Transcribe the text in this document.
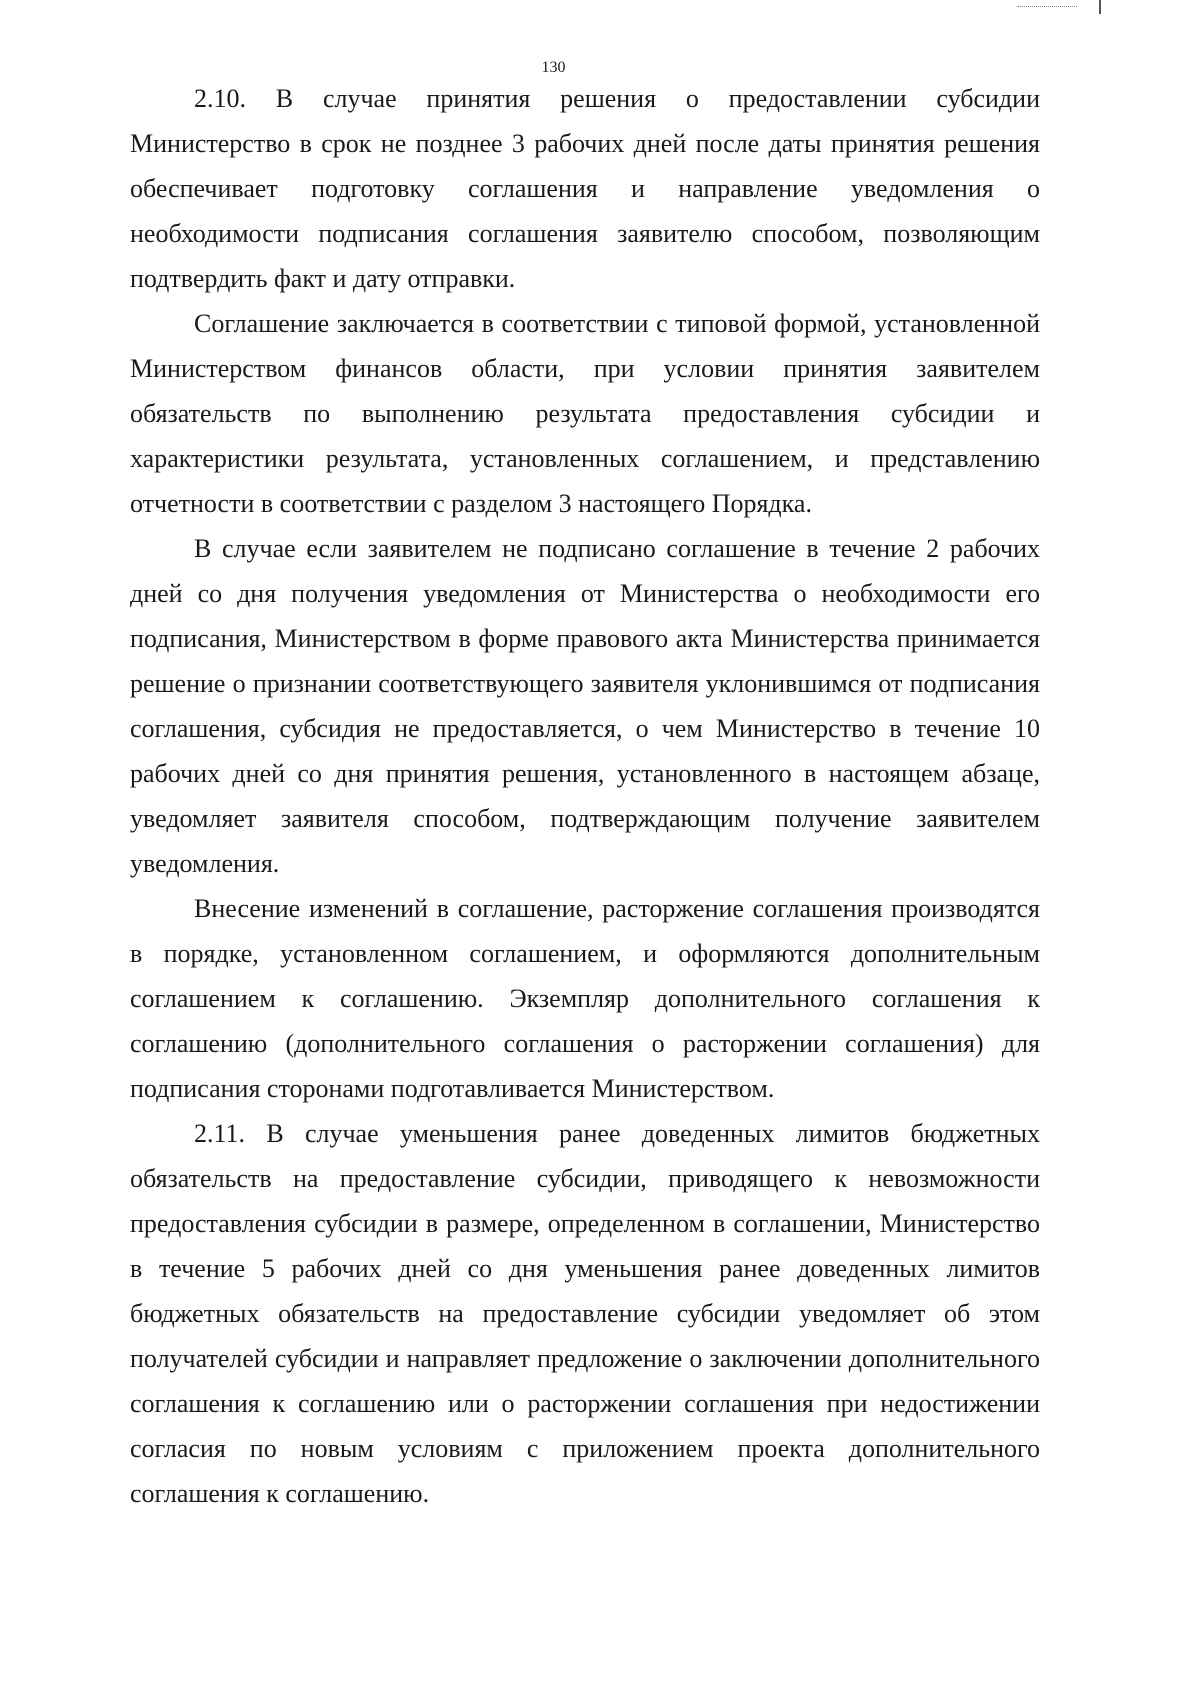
130

2.10. В случае принятия решения о предоставлении субсидии Министерство в срок не позднее 3 рабочих дней после даты принятия решения обеспечивает подготовку соглашения и направление уведомления о необходимости подписания соглашения заявителю способом, позволяющим подтвердить факт и дату отправки.

Соглашение заключается в соответствии с типовой формой, установленной Министерством финансов области, при условии принятия заявителем обязательств по выполнению результата предоставления субсидии и характеристики результата, установленных соглашением, и представлению отчетности в соответствии с разделом 3 настоящего Порядка.

В случае если заявителем не подписано соглашение в течение 2 рабочих дней со дня получения уведомления от Министерства о необходимости его подписания, Министерством в форме правового акта Министерства принимается решение о признании соответствующего заявителя уклонившимся от подписания соглашения, субсидия не предоставляется, о чем Министерство в течение 10 рабочих дней со дня принятия решения, установленного в настоящем абзаце, уведомляет заявителя способом, подтверждающим получение заявителем уведомления.

Внесение изменений в соглашение, расторжение соглашения производятся в порядке, установленном соглашением, и оформляются дополнительным соглашением к соглашению. Экземпляр дополнительного соглашения к соглашению (дополнительного соглашения о расторжении соглашения) для подписания сторонами подготавливается Министерством.

2.11. В случае уменьшения ранее доведенных лимитов бюджетных обязательств на предоставление субсидии, приводящего к невозможности предоставления субсидии в размере, определенном в соглашении, Министерство в течение 5 рабочих дней со дня уменьшения ранее доведенных лимитов бюджетных обязательств на предоставление субсидии уведомляет об этом получателей субсидии и направляет предложение о заключении дополнительного соглашения к соглашению или о расторжении соглашения при недостижении согласия по новым условиям с приложением проекта дополнительного соглашения к соглашению.
